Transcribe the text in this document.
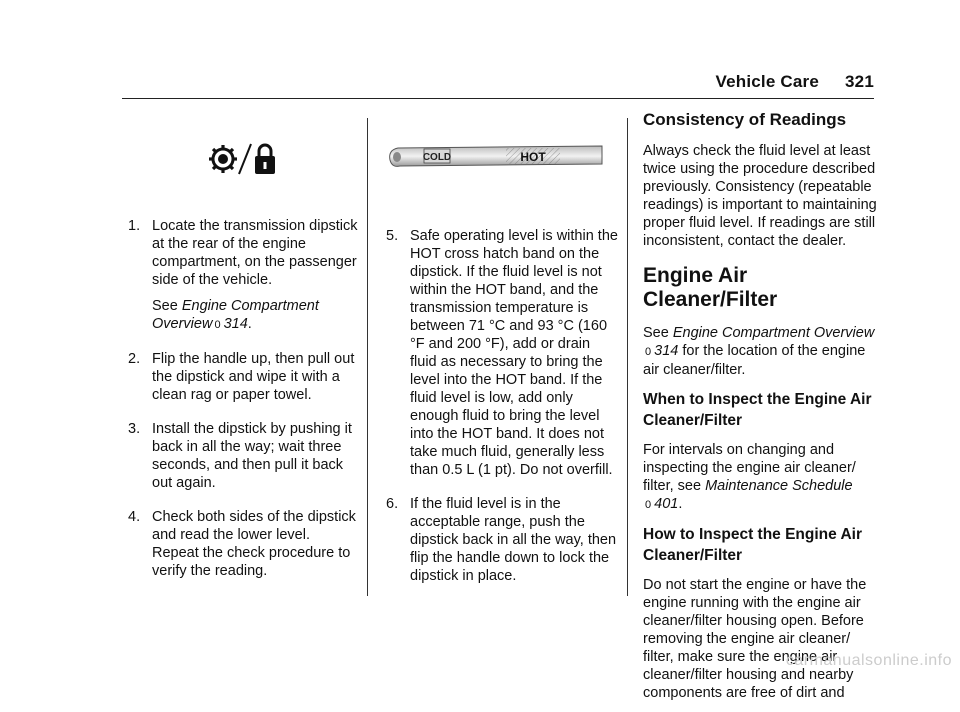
Vehicle Care 321
1. Locate the transmission dipstick at the rear of the engine compartment, on the passenger side of the vehicle.

See Engine Compartment Overview 0 314.

2. Flip the handle up, then pull out the dipstick and wipe it with a clean rag or paper towel.

3. Install the dipstick by pushing it back in all the way; wait three seconds, and then pull it back out again.

4. Check both sides of the dipstick and read the lower level. Repeat the check procedure to verify the reading.

COLD	HOT
5. Safe operating level is within the HOT cross hatch band on the dipstick. If the fluid level is not within the HOT band, and the transmission temperature is between 71 °C and 93 °C (160 °F and 200 °F), add or drain fluid as necessary to bring the level into the HOT band. If the fluid level is low, add only enough fluid to bring the level into the HOT band. It does not take much fluid, generally less than 0.5 L (1 pt). Do not overfill.

6. If the fluid level is in the acceptable range, push the dipstick back in all the way, then flip the handle down to lock the dipstick in place.

Consistency of Readings

Always check the fluid level at least twice using the procedure described previously. Consistency (repeatable readings) is important to maintaining proper fluid level. If readings are still inconsistent, contact the dealer.

Engine Air Cleaner/Filter

See Engine Compartment Overview 0 314 for the location of the engine air cleaner/filter.

When to Inspect the Engine Air Cleaner/Filter

For intervals on changing and inspecting the engine air cleaner/ filter, see Maintenance Schedule 0 401.

How to Inspect the Engine Air Cleaner/Filter

Do not start the engine or have the engine running with the engine air cleaner/filter housing open. Before removing the engine air cleaner/ filter, make sure the engine air cleaner/filter housing and nearby components are free of dirt and

carmanualsonline.info
